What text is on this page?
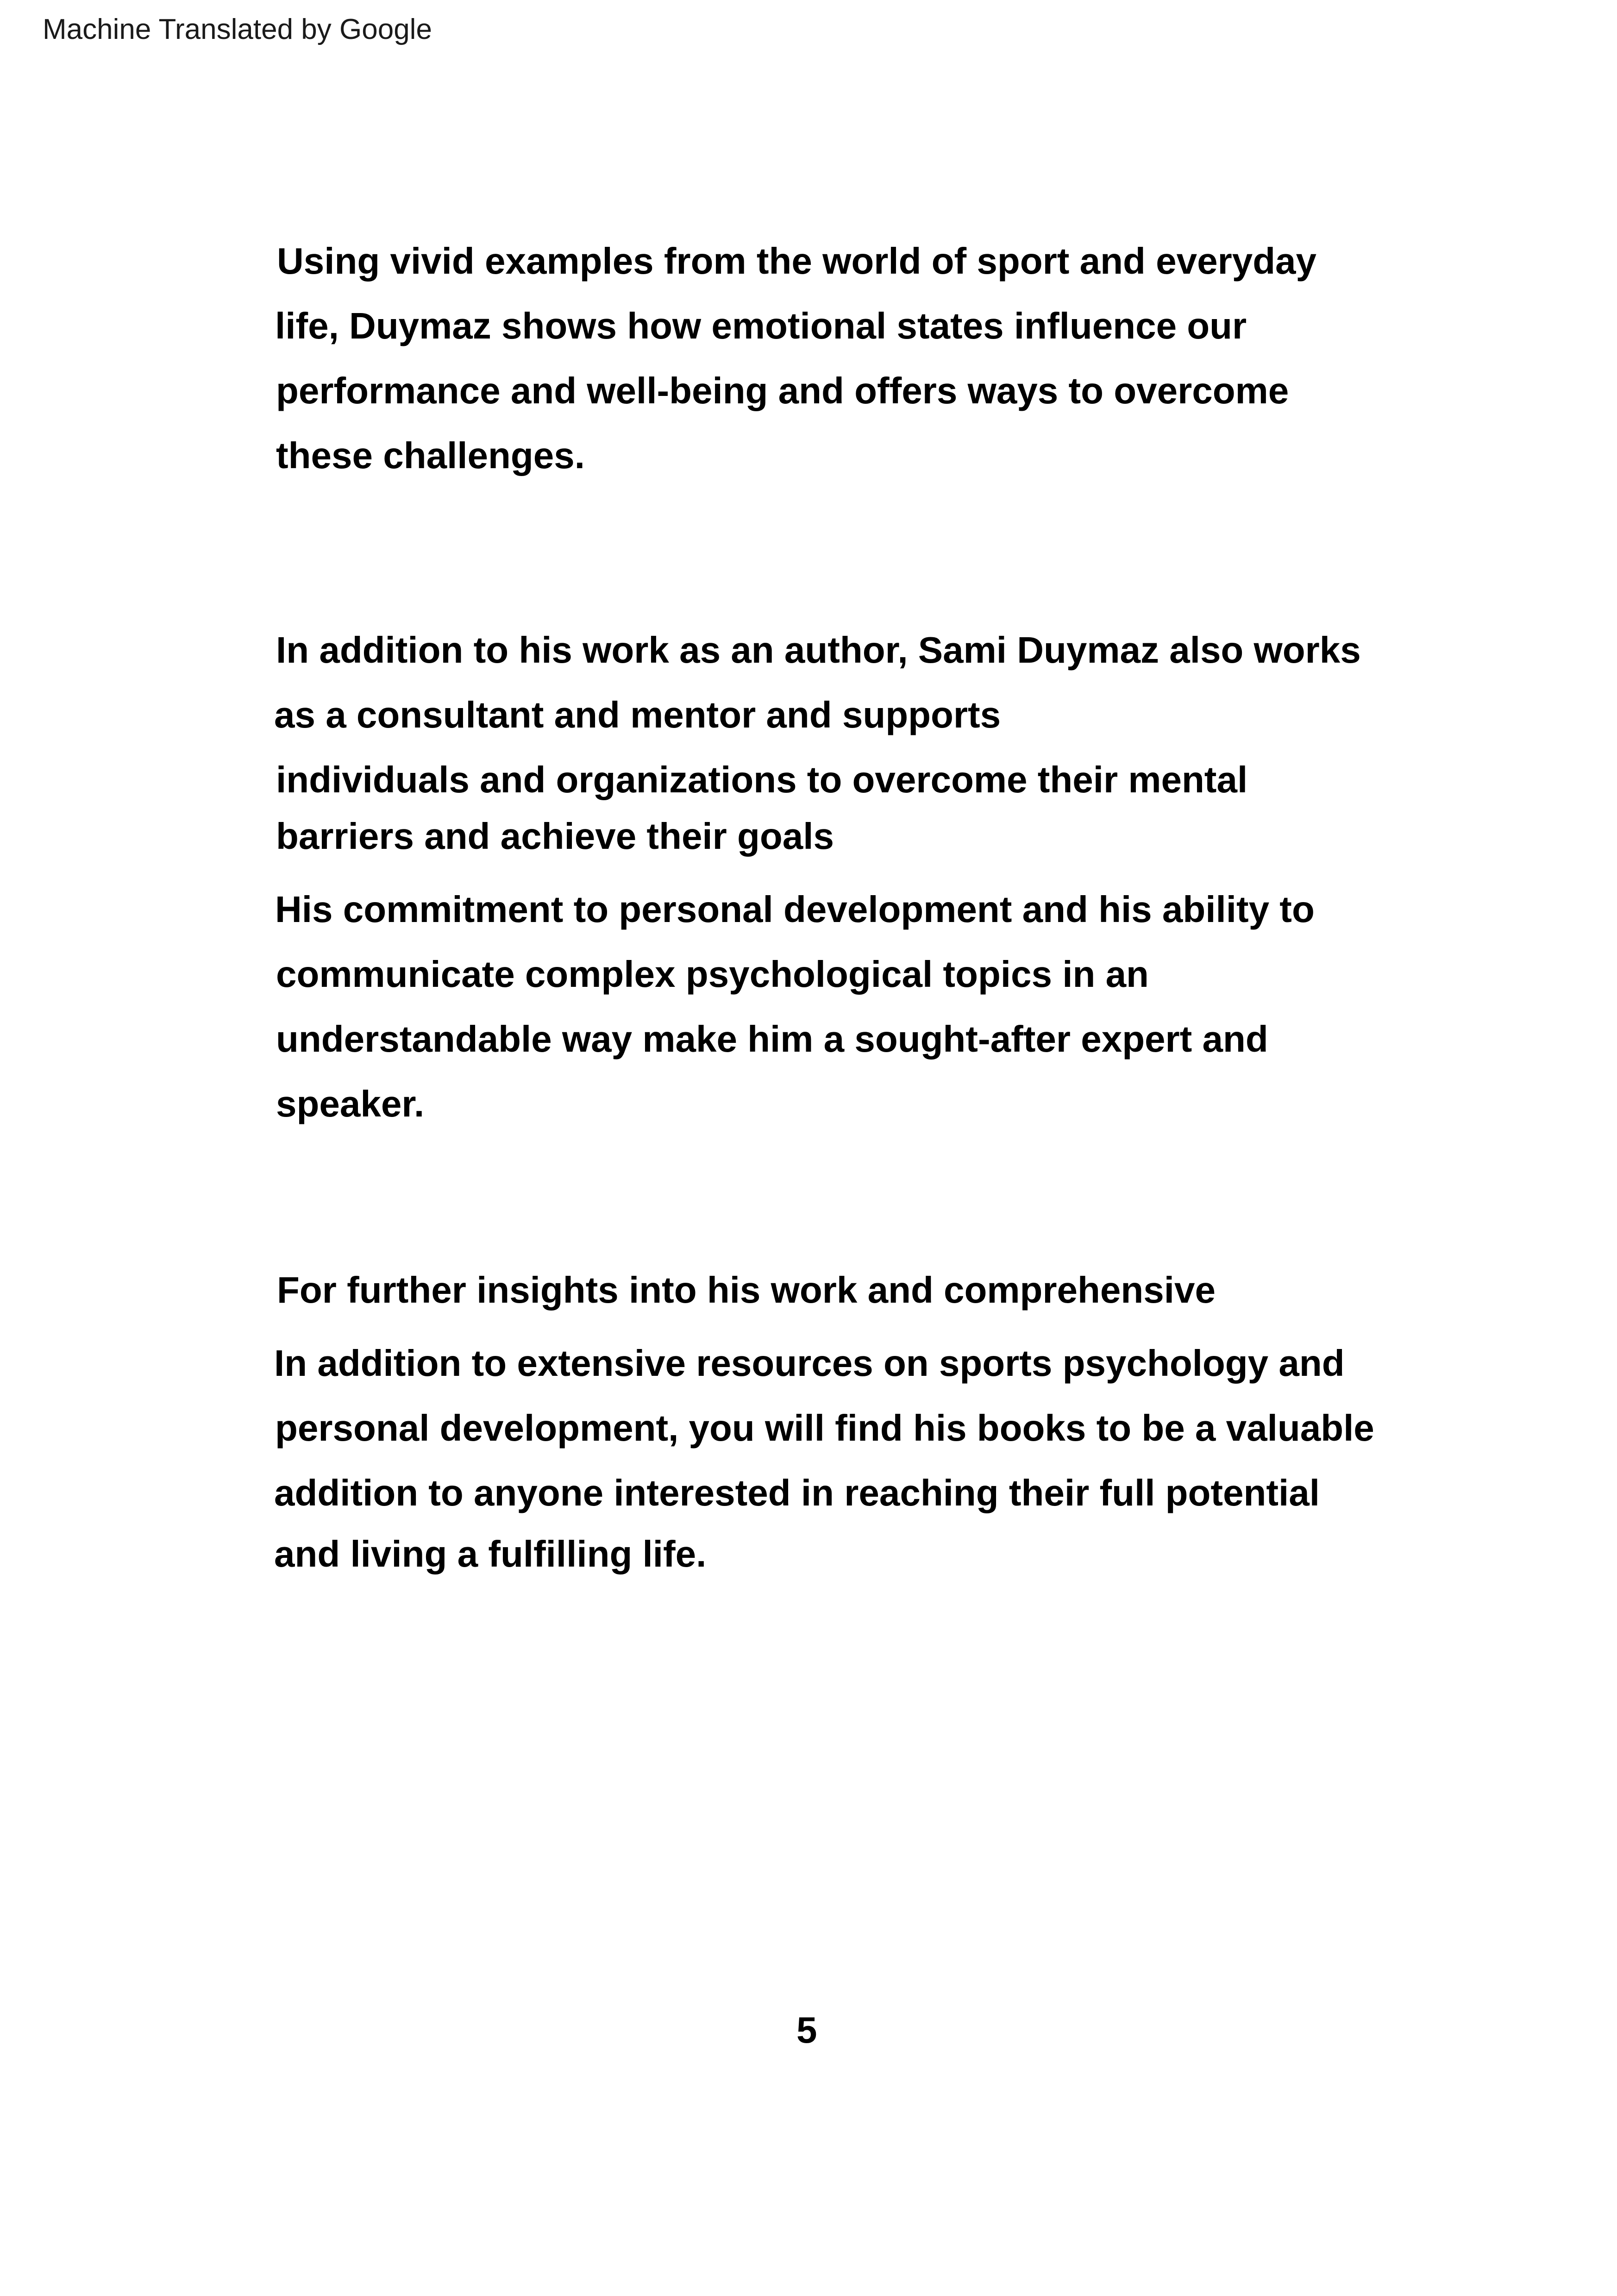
Machine Translated by Google
Using vivid examples from the world of sport and everyday
life, Duymaz shows how emotional states influence our
performance and well-being and offers ways to overcome
these challenges.
In addition to his work as an author, Sami Duymaz also works
as a consultant and mentor and supports
individuals and organizations to overcome their mental
barriers and achieve their goals
His commitment to personal development and his ability to
communicate complex psychological topics in an
understandable way make him a sought-after expert and
speaker.
For further insights into his work and comprehensive
In addition to extensive resources on sports psychology and
personal development, you will find his books to be a valuable
addition to anyone interested in reaching their full potential
and living a fulfilling life.
5
